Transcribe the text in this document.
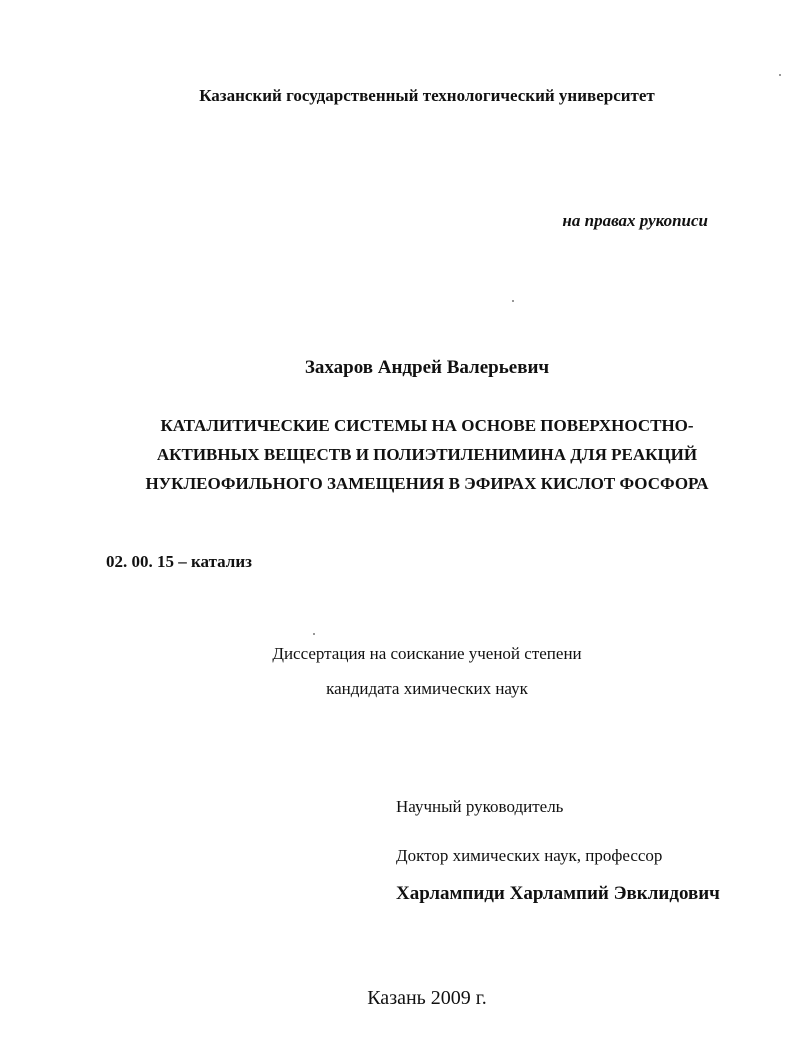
Казанский государственный технологический университет
на правах рукописи
Захаров Андрей Валерьевич
КАТАЛИТИЧЕСКИЕ СИСТЕМЫ НА ОСНОВЕ ПОВЕРХНОСТНО-
АКТИВНЫХ ВЕЩЕСТВ И ПОЛИЭТИЛЕНИМИНА ДЛЯ РЕАКЦИЙ
НУКЛЕОФИЛЬНОГО ЗАМЕЩЕНИЯ В ЭФИРАХ КИСЛОТ ФОСФОРА
02. 00. 15 – катализ
Диссертация на соискание ученой степени
кандидата химических наук
Научный руководитель
Доктор химических наук, профессор
Харлампиди Харлампий Эвклидович
Казань 2009 г.
